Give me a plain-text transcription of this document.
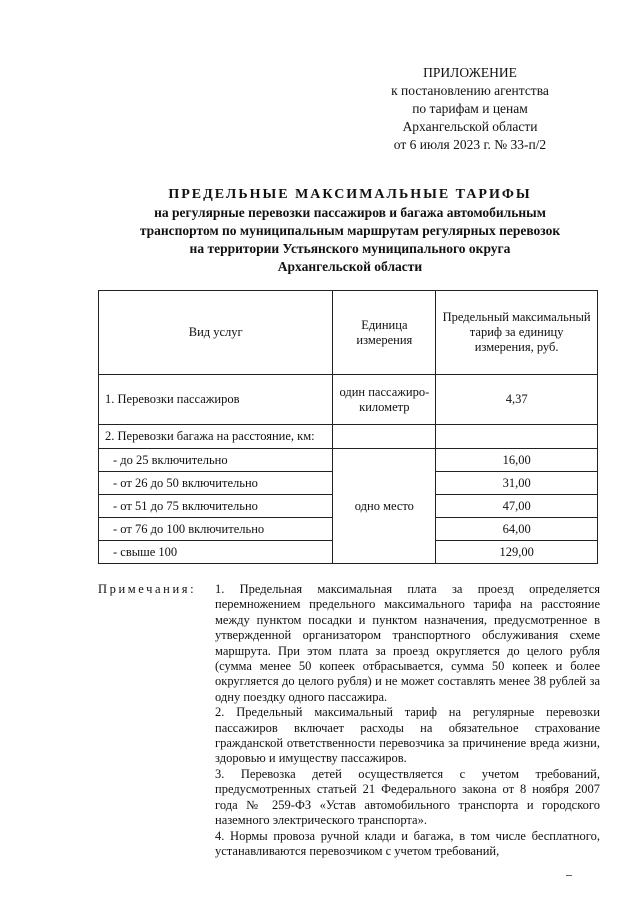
ПРИЛОЖЕНИЕ
к постановлению агентства
по тарифам и ценам
Архангельской области
от 6 июля 2023 г. № 33-п/2
ПРЕДЕЛЬНЫЕ МАКСИМАЛЬНЫЕ ТАРИФЫ
на регулярные перевозки пассажиров и багажа автомобильным
транспортом по муниципальным маршрутам регулярных перевозок
на территории Устьянского муниципального округа
Архангельской области
Вид услуг	Единица измерения	Предельный максимальный тариф за единицу измерения, руб.
1. Перевозки пассажиров	один пассажиро-километр	4,37
2. Перевозки багажа на расстояние, км:		
- до 25 включительно	одно место	16,00
- от 26 до 50 включительно		31,00
- от 51 до 75 включительно		47,00
- от 76 до 100 включительно		64,00
- свыше 100		129,00
Примечания: 1. Предельная максимальная плата за проезд определяется перемножением предельного максимального тарифа на расстояние между пунктом посадки и пунктом назначения, предусмотренное в утвержденной организатором транспортного обслуживания схеме маршрута. При этом плата за проезд округляется до целого рубля (сумма менее 50 копеек отбрасывается, сумма 50 копеек и более округляется до целого рубля) и не может составлять менее 38 рублей за одну поездку одного пассажира.

2. Предельный максимальный тариф на регулярные перевозки пассажиров включает расходы на обязательное страхование гражданской ответственности перевозчика за причинение вреда жизни, здоровью и имуществу пассажиров.

3. Перевозка детей осуществляется с учетом требований, предусмотренных статьей 21 Федерального закона от 8 ноября 2007 года № 259-ФЗ «Устав автомобильного транспорта и городского наземного электрического транспорта».

4. Нормы провоза ручной клади и багажа, в том числе бесплатного, устанавливаются перевозчиком с учетом требований,
